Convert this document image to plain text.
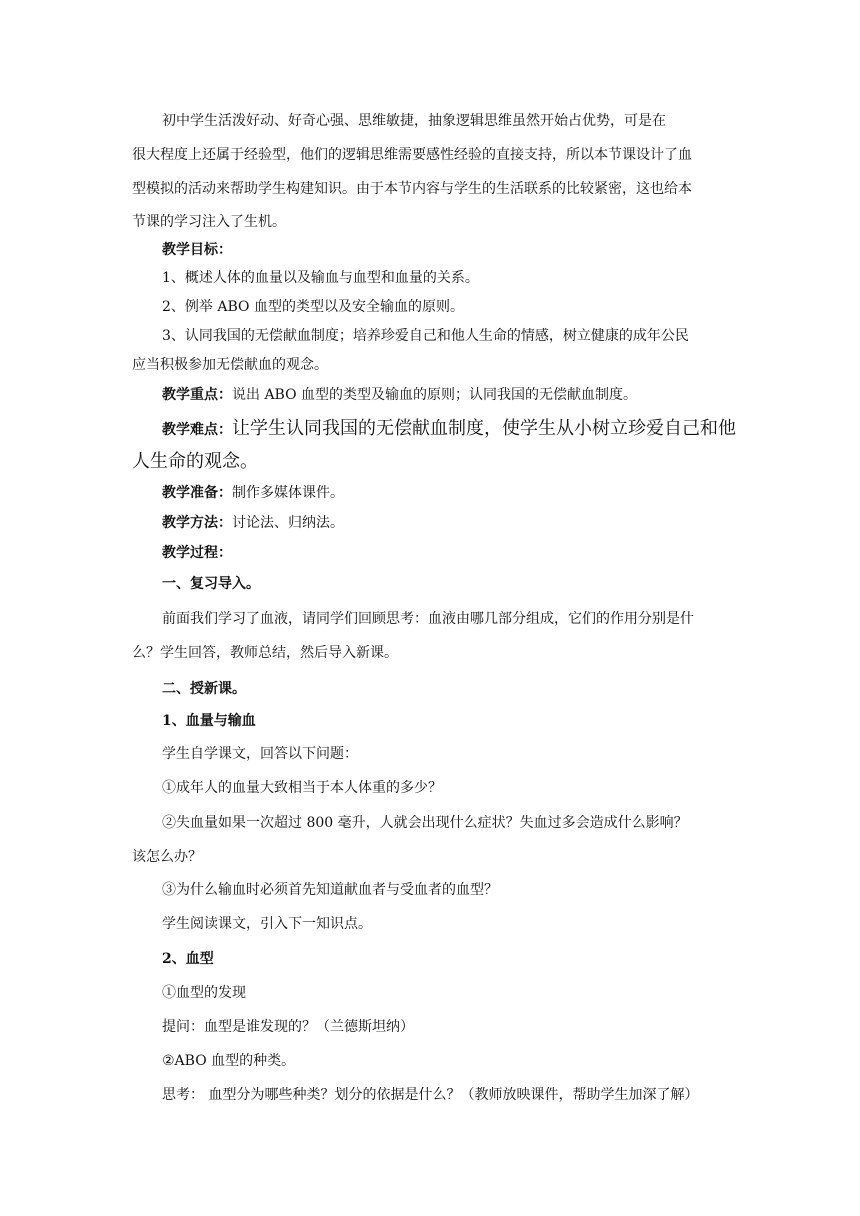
初中学生活泼好动、好奇心强、思维敏捷，抽象逻辑思维虽然开始占优势，可是在
很大程度上还属于经验型，他们的逻辑思维需要感性经验的直接支持，所以本节课设计了血
型模拟的活动来帮助学生构建知识。由于本节内容与学生的生活联系的比较紧密，这也给本
节课的学习注入了生机。
教学目标：
1、概述人体的血量以及输血与血型和血量的关系。
2、例举 ABO 血型的类型以及安全输血的原则。
3、认同我国的无偿献血制度；培养珍爱自己和他人生命的情感，树立健康的成年公民
应当积极参加无偿献血的观念。
教学重点：说出 ABO 血型的类型及输血的原则；认同我国的无偿献血制度。
教学难点：让学生认同我国的无偿献血制度，使学生从小树立珍爱自己和他
人生命的观念。
教学准备：制作多媒体课件。
教学方法：讨论法、归纳法。
教学过程：
一、复习导入。
前面我们学习了血液，请同学们回顾思考：血液由哪几部分组成，它们的作用分别是什
么？学生回答，教师总结，然后导入新课。
二、授新课。
1、血量与输血
学生自学课文，回答以下问题：
①成年人的血量大致相当于本人体重的多少？
②失血量如果一次超过 800 毫升，人就会出现什么症状？失血过多会造成什么影响？
该怎么办？
③为什么输血时必须首先知道献血者与受血者的血型？
学生阅读课文，引入下一知识点。
2、血型
①血型的发现
提问：血型是谁发现的？（兰德斯坦纳）
②ABO 血型的种类。
思考： 血型分为哪些种类？划分的依据是什么？（教师放映课件，帮助学生加深了解）
